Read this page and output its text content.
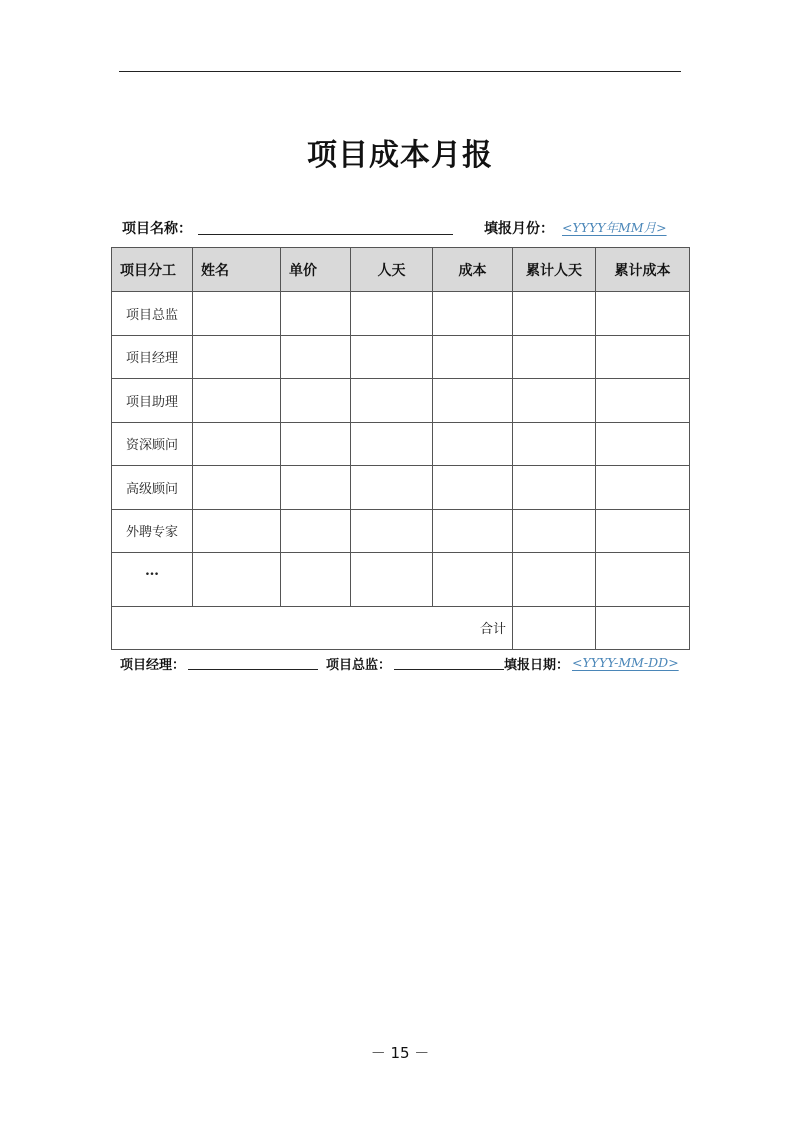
项目成本月报
项目名称：	填报月份： <YYYY年MM月>
项目分工	姓名	单价	人天	成本	累计人天	累计成本
项目总监						
项目经理						
项目助理						
资深顾问						
高级顾问						
外聘专家						
…						
合计						
项目经理：	项目总监：	填报日期： <YYYY-MM-DD>
－ 15 －
